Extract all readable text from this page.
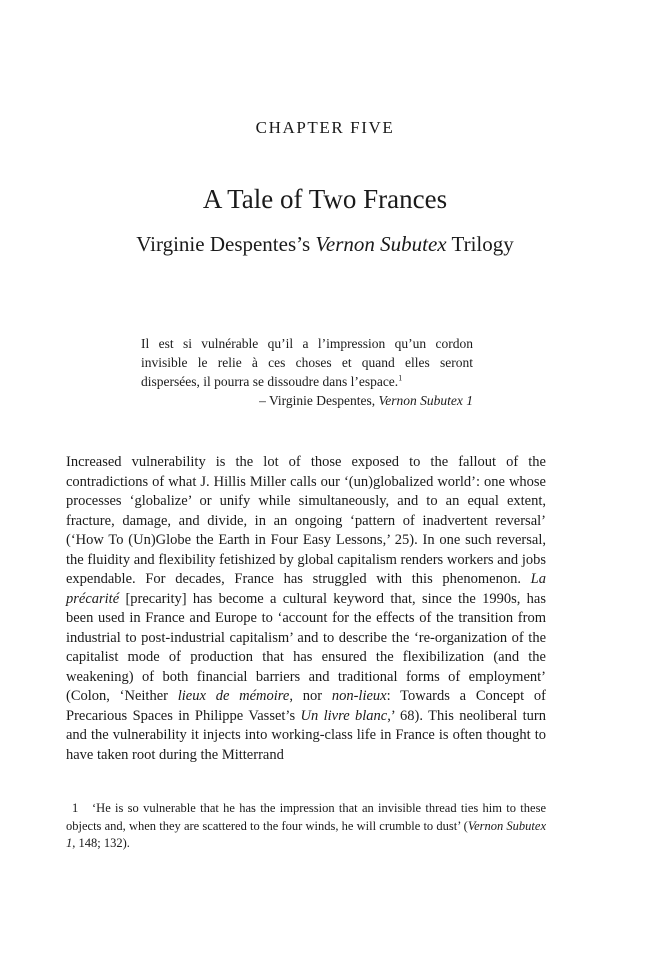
CHAPTER FIVE
A Tale of Two Frances
Virginie Despentes’s Vernon Subutex Trilogy
Il est si vulnérable qu’il a l’impression qu’un cordon invisible le relie à ces choses et quand elles seront dispersées, il pourra se dissoudre dans l’espace.$^1$
– Virginie Despentes, Vernon Subutex 1

Increased vulnerability is the lot of those exposed to the fallout of the contradictions of what J. Hillis Miller calls our ‘(un)globalized world’: one whose processes ‘globalize’ or unify while simultaneously, and to an equal extent, fracture, damage, and divide, in an ongoing ‘pattern of inadvertent reversal’ (‘How To (Un)Globe the Earth in Four Easy Lessons,’ 25). In one such reversal, the fluidity and flexibility fetishized by global capitalism renders workers and jobs expendable. For decades, France has struggled with this phenomenon. La précarité [precarity] has become a cultural keyword that, since the 1990s, has been used in France and Europe to ‘account for the effects of the transition from industrial to post-industrial capitalism’ and to describe the ‘re-organization of the capitalist mode of production that has ensured the flexibilization (and the weakening) of both financial barriers and traditional forms of employment’ (Colon, ‘Neither lieux de mémoire, nor non-lieux: Towards a Concept of Precarious Spaces in Philippe Vasset’s Un livre blanc,’ 68). This neoliberal turn and the vulnerability it injects into working-class life in France is often thought to have taken root during the Mitterrand

1 ‘He is so vulnerable that he has the impression that an invisible thread ties him to these objects and, when they are scattered to the four winds, he will crumble to dust’ (Vernon Subutex 1, 148; 132).
